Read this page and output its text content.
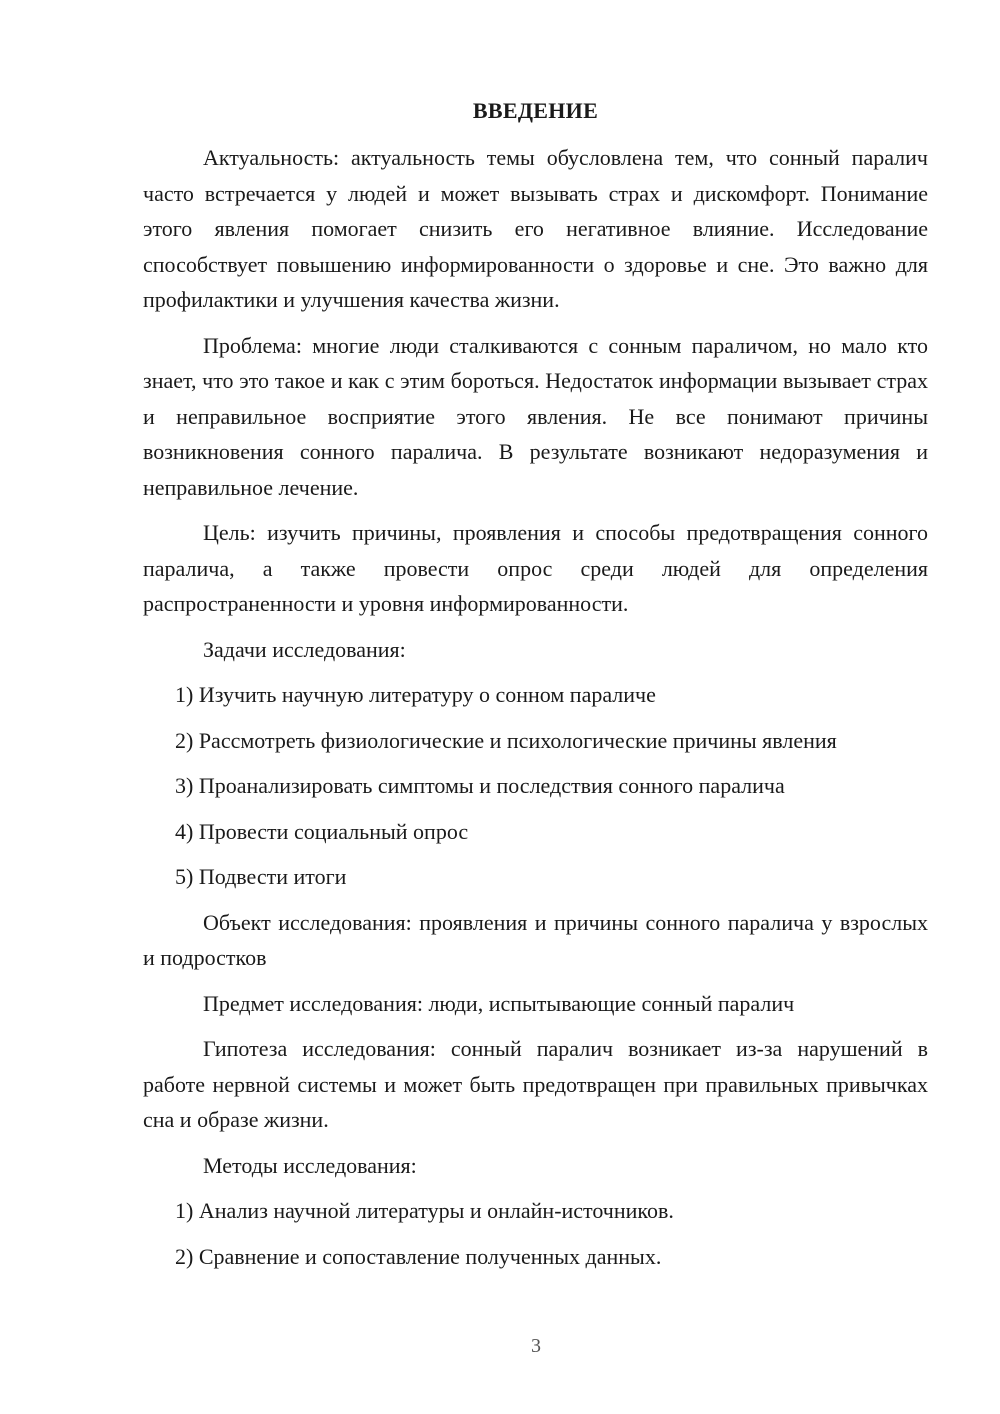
ВВЕДЕНИЕ

Актуальность: актуальность темы обусловлена тем, что сонный паралич часто встречается у людей и может вызывать страх и дискомфорт. Понимание этого явления помогает снизить его негативное влияние. Исследование способствует повышению информированности о здоровье и сне. Это важно для профилактики и улучшения качества жизни.

Проблема: многие люди сталкиваются с сонным параличом, но мало кто знает, что это такое и как с этим бороться. Недостаток информации вызывает страх и неправильное восприятие этого явления. Не все понимают причины возникновения сонного паралича. В результате возникают недоразумения и неправильное лечение.

Цель: изучить причины, проявления и способы предотвращения сонного паралича, а также провести опрос среди людей для определения распространенности и уровня информированности.

Задачи исследования:

1) Изучить научную литературу о сонном параличе

2) Рассмотреть физиологические и психологические причины явления

3) Проанализировать симптомы и последствия сонного паралича

4) Провести социальный опрос

5) Подвести итоги

Объект исследования: проявления и причины сонного паралича у взрослых и подростков

Предмет исследования: люди, испытывающие сонный паралич

Гипотеза исследования: сонный паралич возникает из-за нарушений в работе нервной системы и может быть предотвращен при правильных привычках сна и образе жизни.

Методы исследования:

1) Анализ научной литературы и онлайн-источников.

2) Сравнение и сопоставление полученных данных.

3
